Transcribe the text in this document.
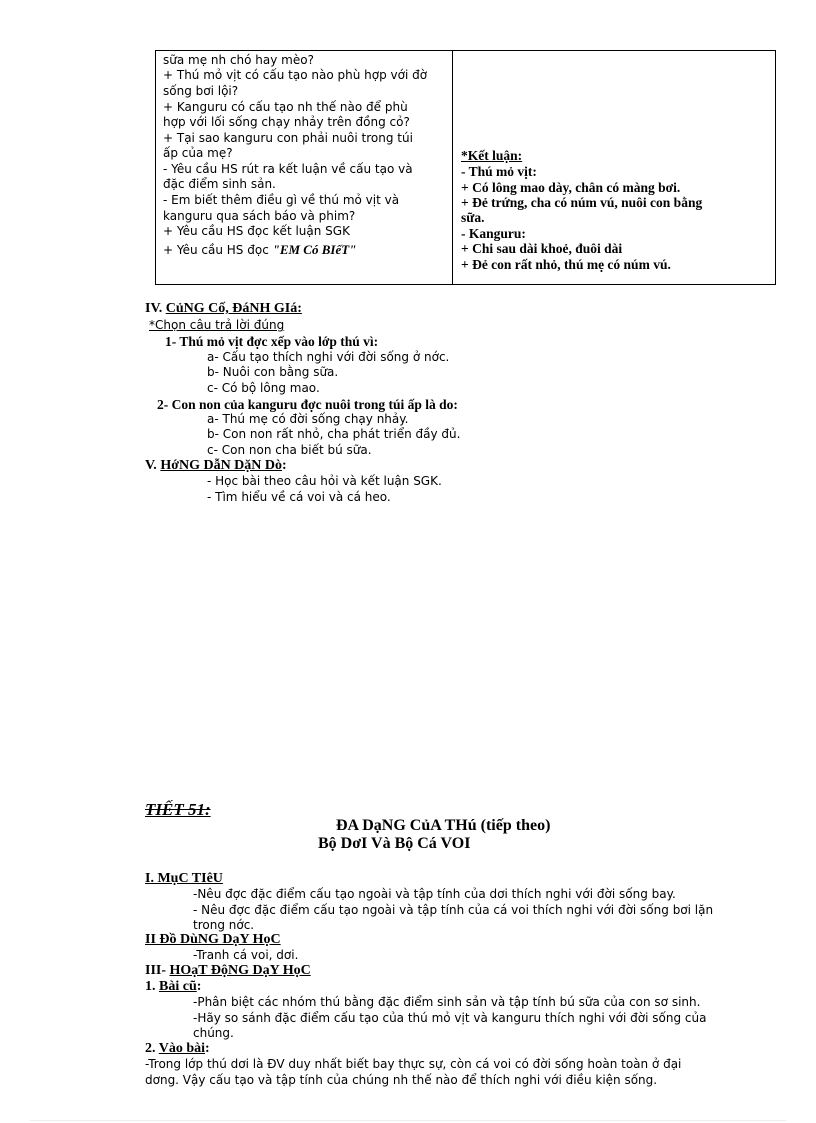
sữa mẹ nh chó hay mèo?
+ Thú mỏ vịt có cấu tạo nào phù hợp với đờ
sống bơi lội?
+ Kanguru có cấu tạo nh thế nào để phù
hợp với lối sống chạy nhảy trên đồng cỏ?
+ Tại sao kanguru con phải nuôi trong túi
ấp của mẹ?
- Yêu cầu HS rút ra kết luận về cấu tạo và
đặc điểm sinh sản.
- Em biết thêm điều gì về thú mỏ vịt và
kanguru qua sách báo và phim?
+ Yêu cầu HS đọc kết luận SGK
+ Yêu cầu HS đọc "EM Có BIếT"
*Kết luận:
- Thú mỏ vịt:
+ Có lông mao dày, chân có màng bơi.
+ Đẻ trứng, cha có núm vú, nuôi con bằng
sữa.
- Kanguru:
+ Chi sau dài khoẻ, đuôi dài
+ Đẻ con rất nhỏ, thú mẹ có núm vú.
IV. CủNG Cố, ĐáNH GIá:
*Chọn câu trả lời đúng
1- Thú mỏ vịt đợc xếp vào lớp thú vì:
a- Cấu tạo thích nghi với đời sống ở nớc.
b- Nuôi con bằng sữa.
c- Có bộ lông mao.
2- Con non của kanguru đợc nuôi trong túi ấp là do:
a- Thú mẹ có đời sống chạy nhảy.
b- Con non rất nhỏ, cha phát triển đầy đủ.
c- Con non cha biết bú sữa.
V. HớNG DẫN DặN Dò:
- Học bài theo câu hỏi và kết luận SGK.
- Tìm hiểu về cá voi và cá heo.
TIẾT 51:
ĐA DạNG CủA THú (tiếp theo)
Bộ DơI Và Bộ Cá VOI
I. MụC TIêU
-Nêu đợc đặc điểm cấu tạo ngoài và tập tính của dơi thích nghi với đời sống bay.
- Nêu đợc đặc điểm cấu tạo ngoài và tập tính của cá voi thích nghi với đời sống bơi lặn
trong nớc.
II Đồ DùNG DạY HọC
-Tranh cá voi, dơi.
III- HOạT ĐộNG DạY HọC
1. Bài cũ:
-Phân biệt các nhóm thú bằng đặc điểm sinh sản và tập tính bú sữa của con sơ sinh.
-Hãy so sánh đặc điểm cấu tạo của thú mỏ vịt và kanguru thích nghi với đời sống của
chúng.
2. Vào bài:
-Trong lớp thú dơi là ĐV duy nhất biết bay thực sự, còn cá voi có đời sống hoàn toàn ở đại
dơng. Vậy cấu tạo và tập tính của chúng nh thế nào để thích nghi với điều kiện sống.
